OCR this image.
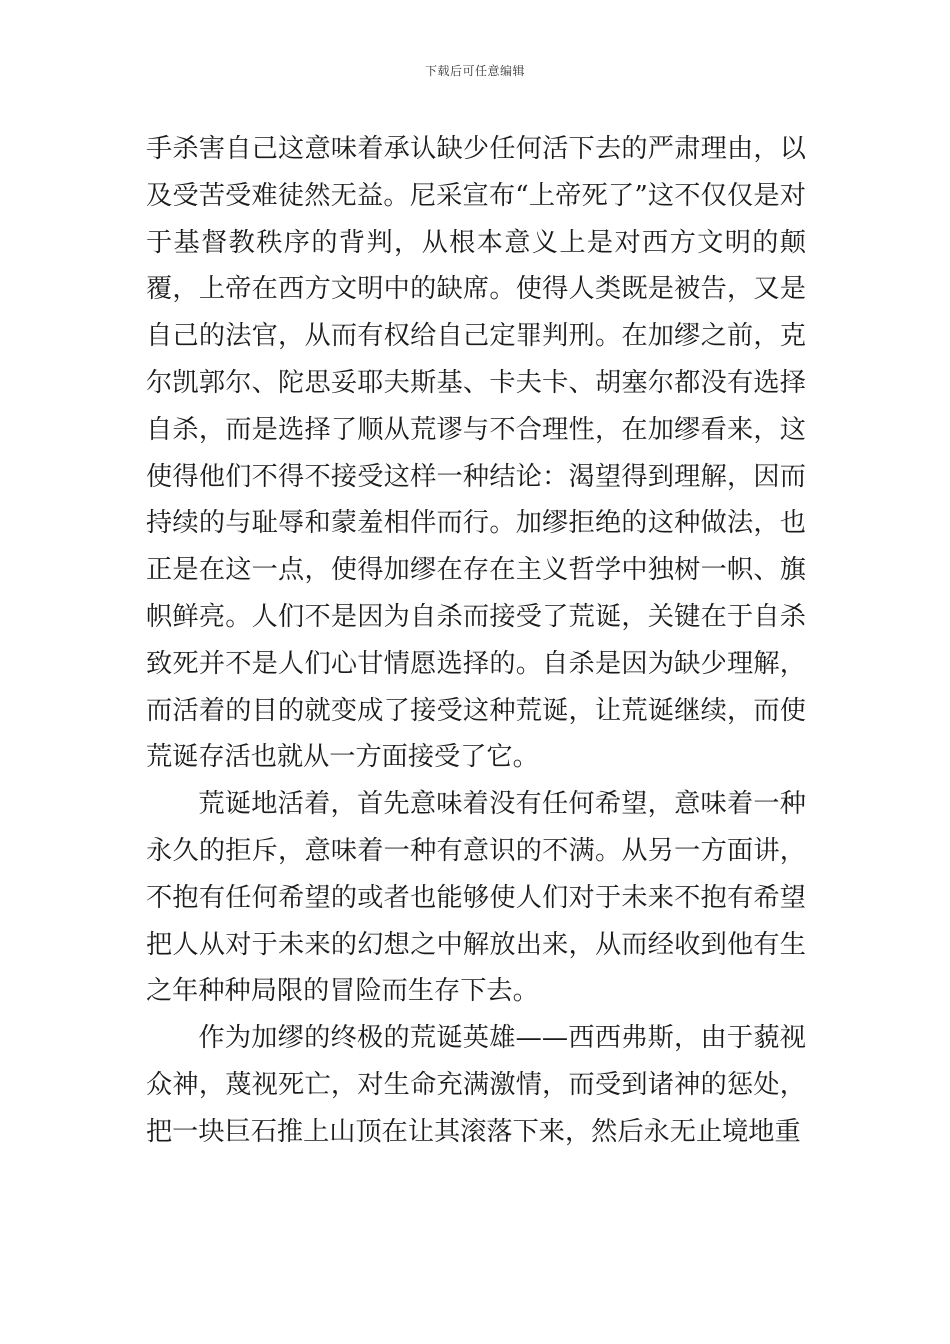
下载后可任意编辑

手杀害自己这意味着承认缺少任何活下去的严肃理由，以及受苦受难徒然无益。尼采宣布“上帝死了”这不仅仅是对于基督教秩序的背判，从根本意义上是对西方文明的颠覆，上帝在西方文明中的缺席。使得人类既是被告，又是自己的法官，从而有权给自己定罪判刑。在加缪之前，克尔凯郭尔、陀思妥耶夫斯基、卡夫卡、胡塞尔都没有选择自杀，而是选择了顺从荒谬与不合理性，在加缪看来，这使得他们不得不接受这样一种结论：渴望得到理解，因而持续的与耻辱和蒙羞相伴而行。加缪拒绝的这种做法，也正是在这一点，使得加缪在存在主义哲学中独树一帜、旗帜鲜亮。人们不是因为自杀而接受了荒诞，关键在于自杀致死并不是人们心甘情愿选择的。自杀是因为缺少理解，而活着的目的就变成了接受这种荒诞，让荒诞继续，而使荒诞存活也就从一方面接受了它。

荒诞地活着，首先意味着没有任何希望，意味着一种永久的拒斥，意味着一种有意识的不满。从另一方面讲，不抱有任何希望的或者也能够使人们对于未来不抱有希望把人从对于未来的幻想之中解放出来，从而经收到他有生之年种种局限的冒险而生存下去。

作为加缪的终极的荒诞英雄——西西弗斯，由于藐视众神，蔑视死亡，对生命充满激情，而受到诸神的惩处，把一块巨石推上山顶在让其滚落下来，然后永无止境地重
